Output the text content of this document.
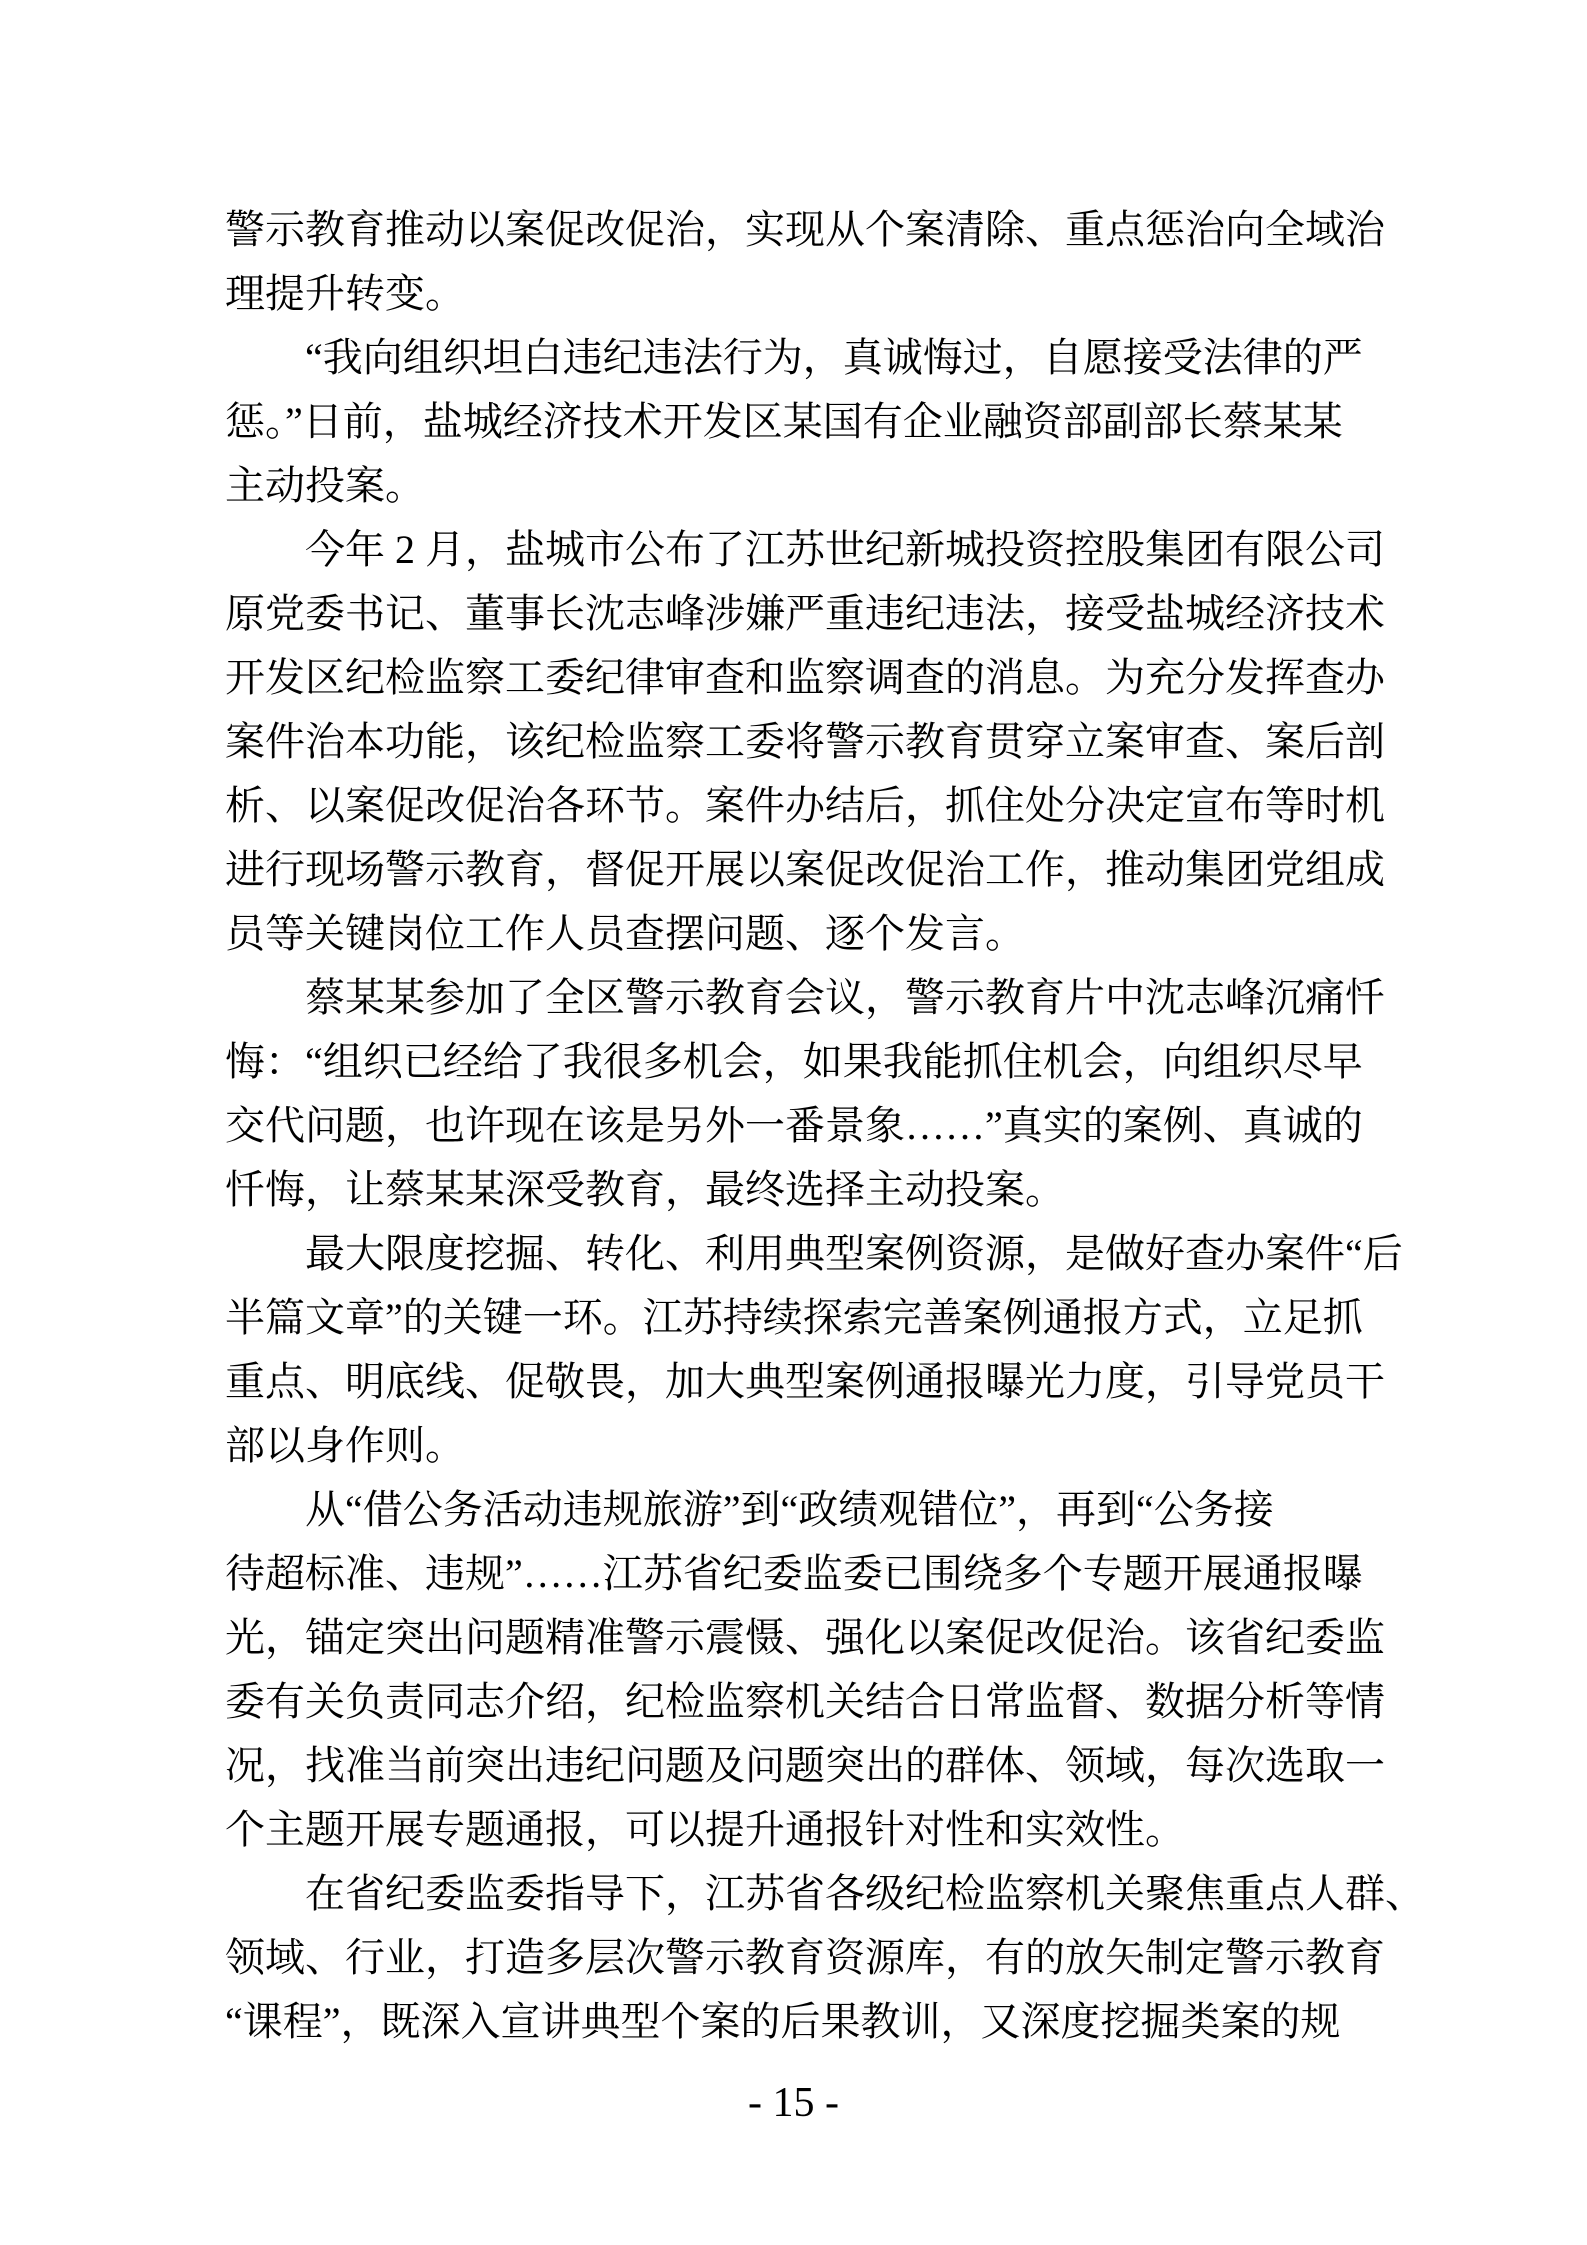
警示教育推动以案促改促治，实现从个案清除、重点惩治向全域治
理提升转变。
“我向组织坦白违纪违法行为，真诚悔过，自愿接受法律的严
惩。”日前，盐城经济技术开发区某国有企业融资部副部长蔡某某
主动投案。
今年 2 月，盐城市公布了江苏世纪新城投资控股集团有限公司
原党委书记、董事长沈志峰涉嫌严重违纪违法，接受盐城经济技术
开发区纪检监察工委纪律审查和监察调查的消息。为充分发挥查办
案件治本功能，该纪检监察工委将警示教育贯穿立案审查、案后剖
析、以案促改促治各环节。案件办结后，抓住处分决定宣布等时机
进行现场警示教育，督促开展以案促改促治工作，推动集团党组成
员等关键岗位工作人员查摆问题、逐个发言。
蔡某某参加了全区警示教育会议，警示教育片中沈志峰沉痛忏
悔：“组织已经给了我很多机会，如果我能抓住机会，向组织尽早
交代问题，也许现在该是另外一番景象……”真实的案例、真诚的
忏悔，让蔡某某深受教育，最终选择主动投案。
最大限度挖掘、转化、利用典型案例资源，是做好查办案件“后
半篇文章”的关键一环。江苏持续探索完善案例通报方式，立足抓
重点、明底线、促敬畏，加大典型案例通报曝光力度，引导党员干
部以身作则。
从“借公务活动违规旅游”到“政绩观错位”，再到“公务接
待超标准、违规”……江苏省纪委监委已围绕多个专题开展通报曝
光，锚定突出问题精准警示震慑、强化以案促改促治。该省纪委监
委有关负责同志介绍，纪检监察机关结合日常监督、数据分析等情
况，找准当前突出违纪问题及问题突出的群体、领域，每次选取一
个主题开展专题通报，可以提升通报针对性和实效性。
在省纪委监委指导下，江苏省各级纪检监察机关聚焦重点人群、
领域、行业，打造多层次警示教育资源库，有的放矢制定警示教育
“课程”，既深入宣讲典型个案的后果教训，又深度挖掘类案的规
- 15 -
